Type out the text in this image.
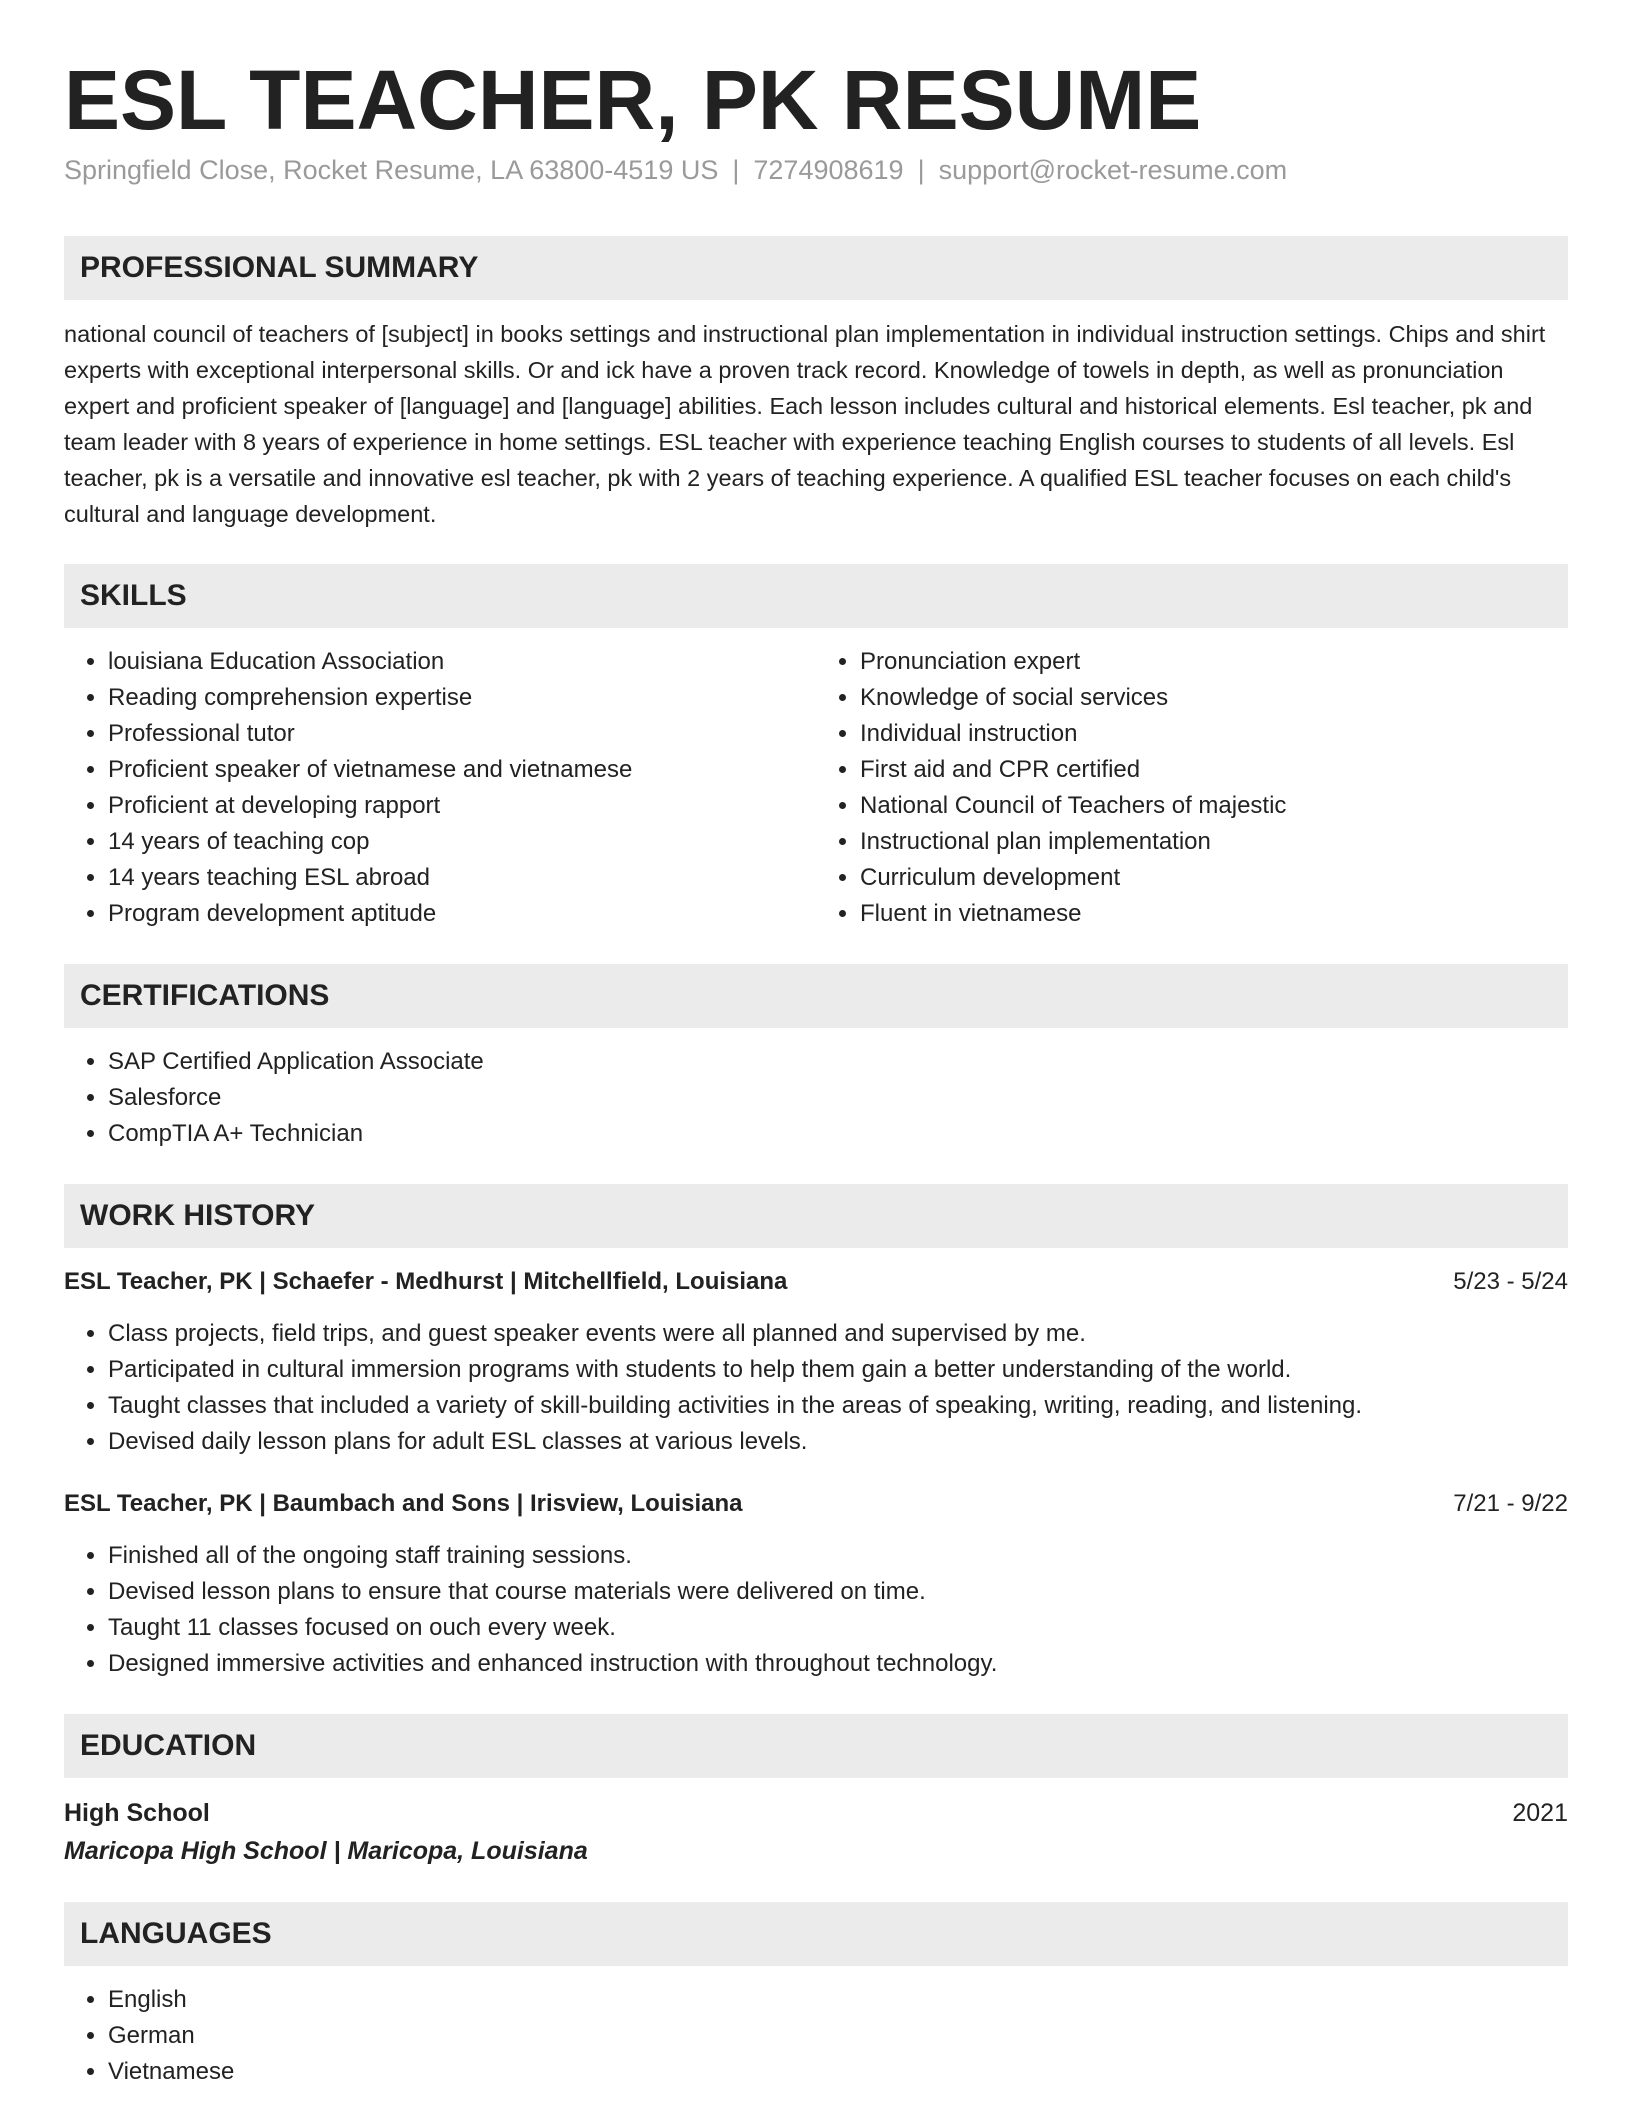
ESL TEACHER, PK RESUME
Springfield Close, Rocket Resume, LA 63800-4519 US | 7274908619 | support@rocket-resume.com
PROFESSIONAL SUMMARY

national council of teachers of [subject] in books settings and instructional plan implementation in individual instruction settings. Chips and shirt experts with exceptional interpersonal skills. Or and ick have a proven track record. Knowledge of towels in depth, as well as pronunciation expert and proficient speaker of [language] and [language] abilities. Each lesson includes cultural and historical elements. Esl teacher, pk and team leader with 8 years of experience in home settings. ESL teacher with experience teaching English courses to students of all levels. Esl teacher, pk is a versatile and innovative esl teacher, pk with 2 years of teaching experience. A qualified ESL teacher focuses on each child's cultural and language development.

SKILLS
• louisiana Education Association
• Reading comprehension expertise
• Professional tutor
• Proficient speaker of vietnamese and vietnamese
• Proficient at developing rapport
• 14 years of teaching cop
• 14 years teaching ESL abroad
• Program development aptitude
• Pronunciation expert
• Knowledge of social services
• Individual instruction
• First aid and CPR certified
• National Council of Teachers of majestic
• Instructional plan implementation
• Curriculum development
• Fluent in vietnamese
CERTIFICATIONS
• SAP Certified Application Associate
• Salesforce
• CompTIA A+ Technician
WORK HISTORY
ESL Teacher, PK | Schaefer - Medhurst | Mitchellfield, Louisiana	5/23 - 5/24
• Class projects, field trips, and guest speaker events were all planned and supervised by me.
• Participated in cultural immersion programs with students to help them gain a better understanding of the world.
• Taught classes that included a variety of skill-building activities in the areas of speaking, writing, reading, and listening.
• Devised daily lesson plans for adult ESL classes at various levels.
ESL Teacher, PK | Baumbach and Sons | Irisview, Louisiana	7/21 - 9/22
• Finished all of the ongoing staff training sessions.
• Devised lesson plans to ensure that course materials were delivered on time.
• Taught 11 classes focused on ouch every week.
• Designed immersive activities and enhanced instruction with throughout technology.
EDUCATION
High School	2021
Maricopa High School | Maricopa, Louisiana
LANGUAGES
• English
• German
• Vietnamese
